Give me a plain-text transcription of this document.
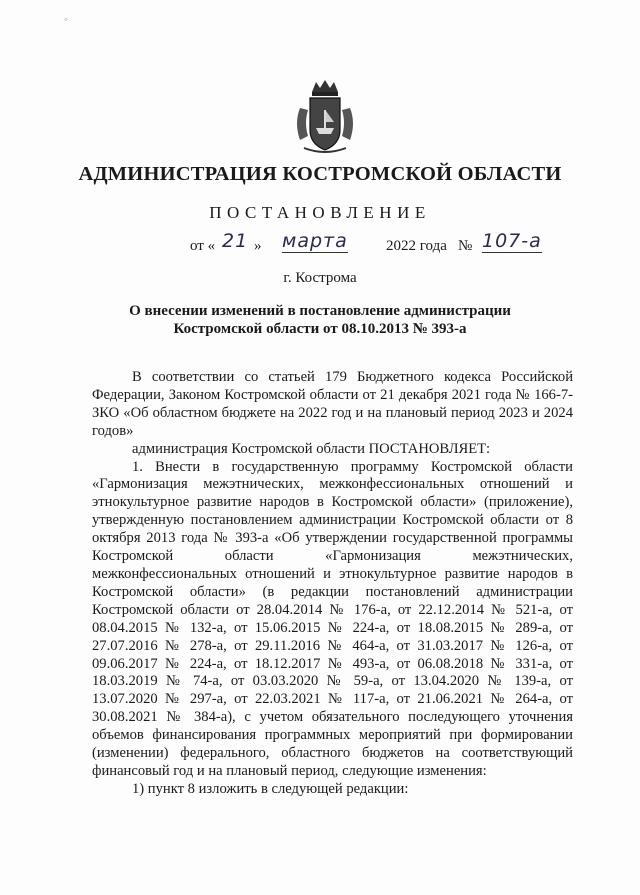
◦
АДМИНИСТРАЦИЯ КОСТРОМСКОЙ ОБЛАСТИ
ПОСТАНОВЛЕНИЕ
от « 21 » марта	2022 года № 107-а
г. Кострома
О внесении изменений в постановление администрации
Костромской области от 08.10.2013 № 393-а

В соответствии со статьей 179 Бюджетного кодекса Российской Федерации, Законом Костромской области от 21 декабря 2021 года № 166-7-ЗКО «Об областном бюджете на 2022 год и на плановый период 2023 и 2024 годов»

администрация Костромской области ПОСТАНОВЛЯЕТ:

1. Внести в государственную программу Костромской области «Гармонизация межэтнических, межконфессиональных отношений и этнокультурное развитие народов в Костромской области» (приложение), утвержденную постановлением администрации Костромской области от 8 октября 2013 года № 393-а «Об утверждении государственной программы Костромской области «Гармонизация межэтнических, межконфессиональных отношений и этнокультурное развитие народов в Костромской области» (в редакции постановлений администрации Костромской области от 28.04.2014 № 176-а, от 22.12.2014 № 521-а, от 08.04.2015 № 132-а, от 15.06.2015 № 224-а, от 18.08.2015 № 289-а, от 27.07.2016 № 278-а, от 29.11.2016 № 464-а, от 31.03.2017 № 126-а, от 09.06.2017 № 224-а, от 18.12.2017 № 493-а, от 06.08.2018 № 331-а, от 18.03.2019 № 74-а, от 03.03.2020 № 59-а, от 13.04.2020 № 139-а, от 13.07.2020 № 297-а, от 22.03.2021 № 117-а, от 21.06.2021 № 264-а, от 30.08.2021 № 384-а), с учетом обязательного последующего уточнения объемов финансирования программных мероприятий при формировании (изменении) федерального, областного бюджетов на соответствующий финансовый год и на плановый период, следующие изменения:

1) пункт 8 изложить в следующей редакции:
